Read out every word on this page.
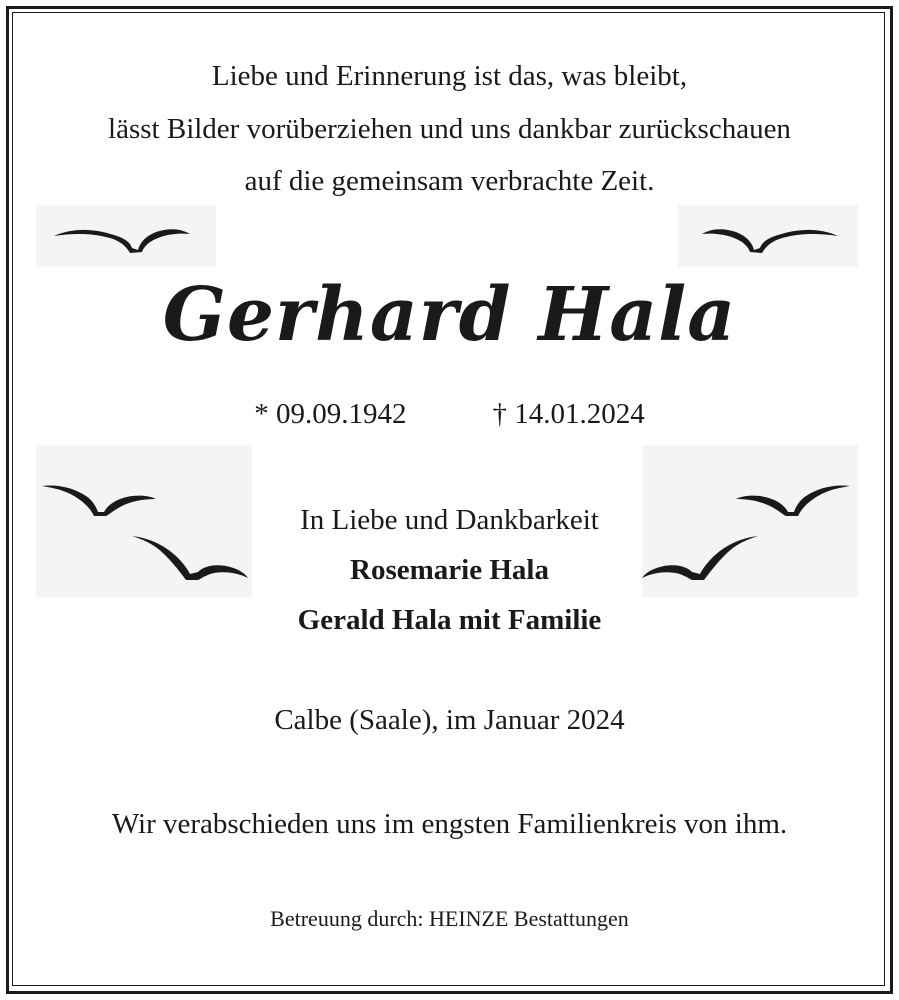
Liebe und Erinnerung ist das, was bleibt,
lässt Bilder vorüberziehen und uns dankbar zurückschauen
auf die gemeinsam verbrachte Zeit.
Gerhard Hala
* 09.09.1942	† 14.01.2024
In Liebe und Dankbarkeit
Rosemarie Hala
Gerald Hala mit Familie
Calbe (Saale), im Januar 2024
Wir verabschieden uns im engsten Familienkreis von ihm.
Betreuung durch: HEINZE Bestattungen
